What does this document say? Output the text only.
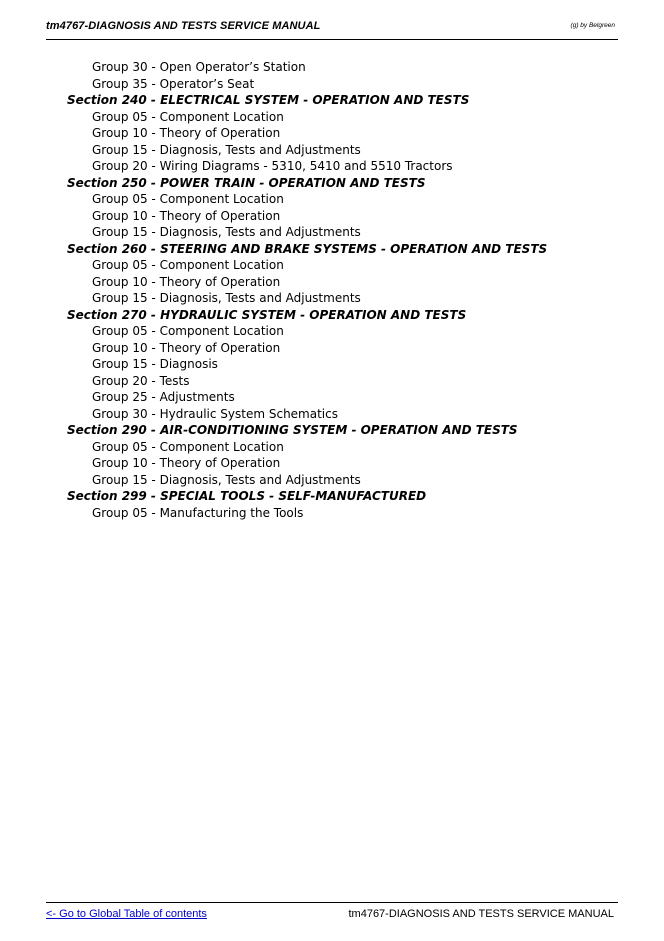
tm4767-DIAGNOSIS AND TESTS SERVICE MANUAL	(g) by Belgreen
Group 30 - Open Operator’s Station
Group 35 - Operator’s Seat
Section 240 - ELECTRICAL SYSTEM - OPERATION AND TESTS
Group 05 - Component Location
Group 10 - Theory of Operation
Group 15 - Diagnosis, Tests and Adjustments
Group 20 - Wiring Diagrams - 5310, 5410 and 5510 Tractors
Section 250 - POWER TRAIN - OPERATION AND TESTS
Group 05 - Component Location
Group 10 - Theory of Operation
Group 15 - Diagnosis, Tests and Adjustments
Section 260 - STEERING AND BRAKE SYSTEMS - OPERATION AND TESTS
Group 05 - Component Location
Group 10 - Theory of Operation
Group 15 - Diagnosis, Tests and Adjustments
Section 270 - HYDRAULIC SYSTEM - OPERATION AND TESTS
Group 05 - Component Location
Group 10 - Theory of Operation
Group 15 - Diagnosis
Group 20 - Tests
Group 25 - Adjustments
Group 30 - Hydraulic System Schematics
Section 290 - AIR-CONDITIONING SYSTEM - OPERATION AND TESTS
Group 05 - Component Location
Group 10 - Theory of Operation
Group 15 - Diagnosis, Tests and Adjustments
Section 299 - SPECIAL TOOLS - SELF-MANUFACTURED
Group 05 - Manufacturing the Tools
<- Go to Global Table of contents	tm4767-DIAGNOSIS AND TESTS SERVICE MANUAL
